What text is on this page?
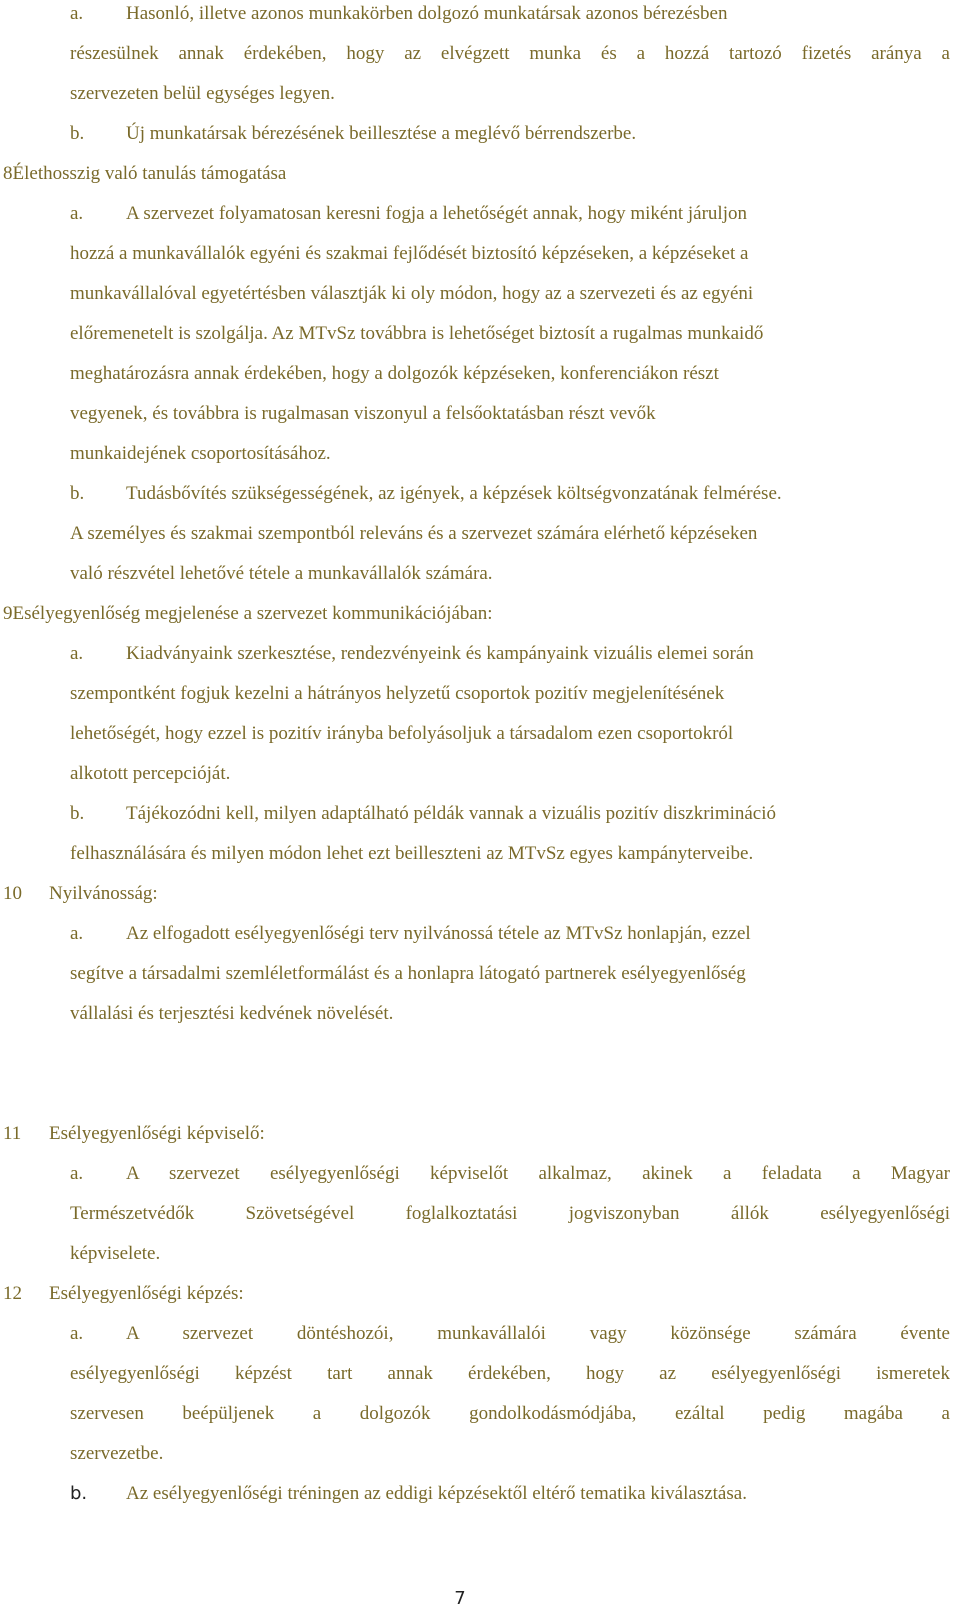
a. Hasonló, illetve azonos munkakörben dolgozó munkatársak azonos bérezésben
részesülnek annak érdekében, hogy az elvégzett munka és a hozzá tartozó fizetés aránya a
szervezeten belül egységes legyen.
b. Új munkatársak bérezésének beillesztése a meglévő bérrendszerbe.
8Élethosszig való tanulás támogatása
a. A szervezet folyamatosan keresni fogja a lehetőségét annak, hogy miként járuljon
hozzá a munkavállalók egyéni és szakmai fejlődését biztosító képzéseken, a képzéseket a
munkavállalóval egyetértésben választják ki oly módon, hogy az a szervezeti és az egyéni
előremenetelt is szolgálja. Az MTvSz továbbra is lehetőséget biztosít a rugalmas munkaidő
meghatározásra annak érdekében, hogy a dolgozók képzéseken, konferenciákon részt
vegyenek, és továbbra is rugalmasan viszonyul a felsőoktatásban részt vevők
munkaidejének csoportosításához.
b. Tudásbővítés szükségességének, az igények, a képzések költségvonzatának felmérése.
A személyes és szakmai szempontból releváns és a szervezet számára elérhető képzéseken
való részvétel lehetővé tétele a munkavállalók számára.
9Esélyegyenlőség megjelenése a szervezet kommunikációjában:
a. Kiadványaink szerkesztése, rendezvényeink és kampányaink vizuális elemei során
szempontként fogjuk kezelni a hátrányos helyzetű csoportok pozitív megjelenítésének
lehetőségét, hogy ezzel is pozitív irányba befolyásoljuk a társadalom ezen csoportokról
alkotott percepcióját.
b. Tájékozódni kell, milyen adaptálható példák vannak a vizuális pozitív diszkrimináció
felhasználására és milyen módon lehet ezt beilleszteni az MTvSz egyes kampányterveibe.
10 Nyilvánosság:
a. Az elfogadott esélyegyenlőségi terv nyilvánossá tétele az MTvSz honlapján, ezzel
segítve a társadalmi szemléletformálást és a honlapra látogató partnerek esélyegyenlőség
vállalási és terjesztési kedvének növelését.
11 Esélyegyenlőségi képviselő:
a. A szervezet esélyegyenlőségi képviselőt alkalmaz, akinek a feladata a Magyar
Természetvédők Szövetségével foglalkoztatási jogviszonyban állók esélyegyenlőségi
képviselete.
12 Esélyegyenlőségi képzés:
a. A szervezet döntéshozói, munkavállalói vagy közönsége számára évente
esélyegyenlőségi képzést tart annak érdekében, hogy az esélyegyenlőségi ismeretek
szervesen beépüljenek a dolgozók gondolkodásmódjába, ezáltal pedig magába a
szervezetbe.
b. Az esélyegyenlőségi tréningen az eddigi képzésektől eltérő tematika kiválasztása.
7
